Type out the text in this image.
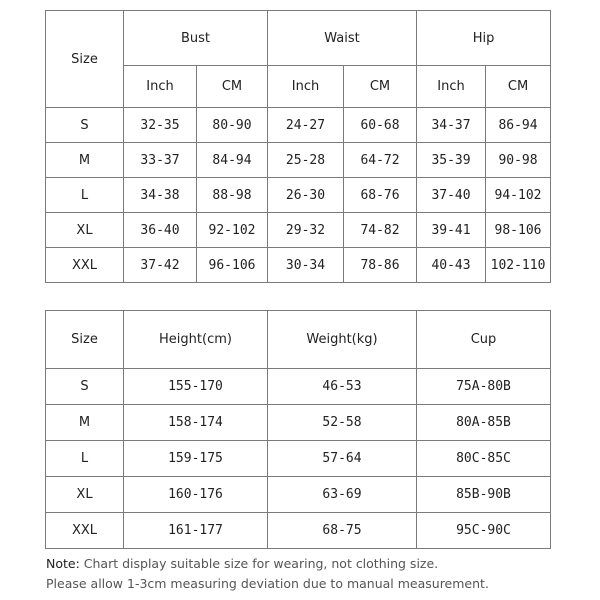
Size	Bust		Waist		Hip	
	Inch	CM	Inch	CM	Inch	CM
S	32-35	80-90	24-27	60-68	34-37	86-94
M	33-37	84-94	25-28	64-72	35-39	90-98
L	34-38	88-98	26-30	68-76	37-40	94-102
XL	36-40	92-102	29-32	74-82	39-41	98-106
XXL	37-42	96-106	30-34	78-86	40-43	102-110
Size	Height(cm)	Weight(kg)	Cup
S	155-170	46-53	75A-80B
M	158-174	52-58	80A-85B
L	159-175	57-64	80C-85C
XL	160-176	63-69	85B-90B
XXL	161-177	68-75	95C-90C
Note: Chart display suitable size for wearing, not clothing size.
Please allow 1-3cm measuring deviation due to manual measurement.
